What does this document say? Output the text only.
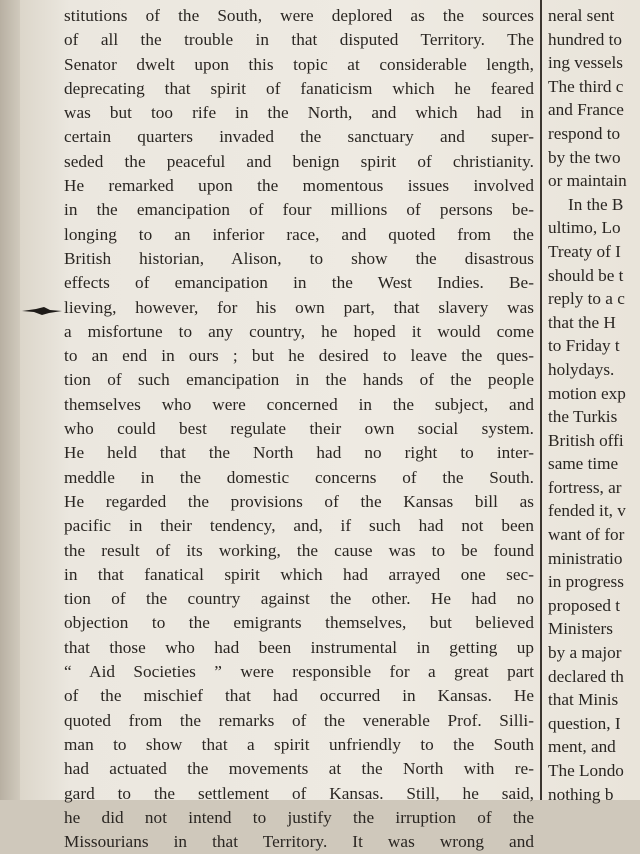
stitutions of the South, were deplored as the sources
of all the trouble in that disputed Territory. The
Senator dwelt upon this topic at considerable length,
deprecating that spirit of fanaticism which he feared
was but too rife in the North, and which had in
certain quarters invaded the sanctuary and super-
seded the peaceful and benign spirit of christianity.
He remarked upon the momentous issues involved
in the emancipation of four millions of persons be-
longing to an inferior race, and quoted from the
British historian, Alison, to show the disastrous
effects of emancipation in the West Indies. Be-
lieving, however, for his own part, that slavery was
a misfortune to any country, he hoped it would come
to an end in ours ; but he desired to leave the ques-
tion of such emancipation in the hands of the people
themselves who were concerned in the subject, and
who could best regulate their own social system.
He held that the North had no right to inter-
meddle in the domestic concerns of the South.
He regarded the provisions of the Kansas bill as
pacific in their tendency, and, if such had not been
the result of its working, the cause was to be found
in that fanatical spirit which had arrayed one sec-
tion of the country against the other. He had no
objection to the emigrants themselves, but believed
that those who had been instrumental in getting up
“ Aid Societies ” were responsible for a great part
of the mischief that had occurred in Kansas. He
quoted from the remarks of the venerable Prof. Silli-
man to show that a spirit unfriendly to the South
had actuated the movements at the North with re-
gard to the settlement of Kansas. Still, he said,
he did not intend to justify the irruption of the
Missourians in that Territory. It was wrong and
neral sent
hundred to
ing vessels
The third c
and France
respond to
by the two
or maintain
In the B
ultimo, Lo
Treaty of I
should be t
reply to a c
that the H
to Friday t
holydays.
motion exp
the Turkis
British offi
same time
fortress, ar
fended it, v
want of for
ministratio
in progress
proposed t
Ministers
by a major
declared th
that Minis
question, I
ment, and
The Londo
nothing b
